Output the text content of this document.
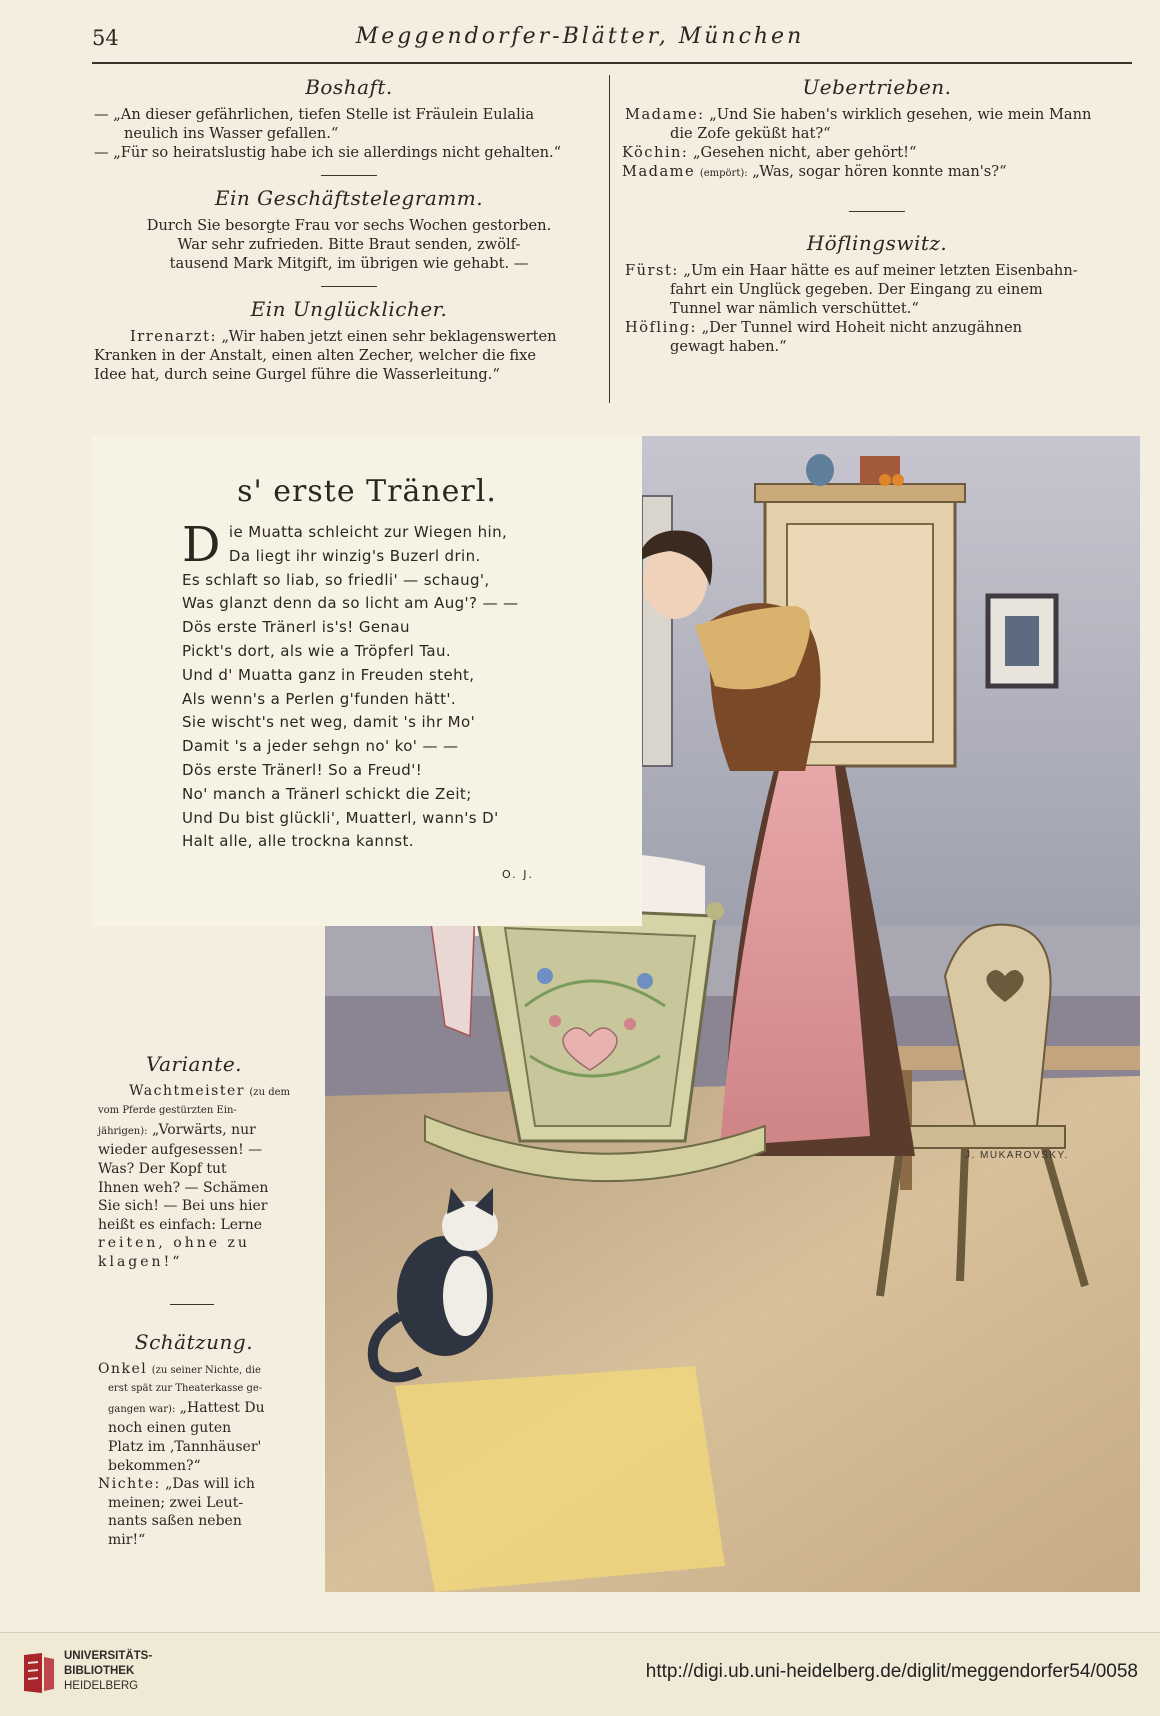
54	Meggendorfer-Blätter, München
Boshaft.

— „An dieser gefährlichen, tiefen Stelle ist Fräulein Eulalia
neulich ins Wasser gefallen.“

— „Für so heiratslustig habe ich sie allerdings nicht gehalten.“

Ein Geschäftstelegramm.

Durch Sie besorgte Frau vor sechs Wochen gestorben.

War sehr zufrieden. Bitte Braut senden, zwölf-

tausend Mark Mitgift, im übrigen wie gehabt. —

Ein Unglücklicher.

Irrenarzt: „Wir haben jetzt einen sehr beklagenswerten

Kranken in der Anstalt, einen alten Zecher, welcher die fixe

Idee hat, durch seine Gurgel führe die Wasserleitung.“

Uebertrieben.

Madame: „Und Sie haben's wirklich gesehen, wie mein Mann
die Zofe geküßt hat?“

Köchin: „Gesehen nicht, aber gehört!“

Madame (empört): „Was, sogar hören konnte man's?“

Höflingswitz.

Fürst: „Um ein Haar hätte es auf meiner letzten Eisenbahn-
fahrt ein Unglück gegeben. Der Eingang zu einem
Tunnel war nämlich verschüttet.“

Höfling: „Der Tunnel wird Hoheit nicht anzugähnen
gewagt haben.“

J. MUKAROVSKY.
s' erste Tränerl.
Die Muatta schleicht zur Wiegen hin,
Da liegt ihr winzig's Buzerl drin.
Es schlaft so liab, so friedli' — schaug',
Was glanzt denn da so licht am Aug'? — —
Dös erste Tränerl is's! Genau
Pickt's dort, als wie a Tröpferl Tau.
Und d' Muatta ganz in Freuden steht,
Als wenn's a Perlen g'funden hätt'.
Sie wischt's net weg, damit 's ihr Mo'
Damit 's a jeder sehgn no' ko' — —
Dös erste Tränerl! So a Freud'!
No' manch a Tränerl schickt die Zeit;
Und Du bist glückli', Muatterl, wann's D'
Halt alle, alle trockna kannst.
O. J.
Variante.

Wachtmeister (zu dem

vom Pferde gestürzten Ein-

jährigen): „Vorwärts, nur

wieder aufgesessen! —

Was? Der Kopf tut

Ihnen weh? — Schämen

Sie sich! — Bei uns hier

heißt es einfach: Lerne

reiten, ohne zu

klagen!“

Schätzung.

Onkel (zu seiner Nichte, die

erst spät zur Theaterkasse ge-

gangen war): „Hattest Du

noch einen guten

Platz im ‚Tannhäuser'

bekommen?“

Nichte: „Das will ich

meinen; zwei Leut-

nants saßen neben

mir!“

UNIVERSITÄTS-
BIBLIOTHEK
HEIDELBERG
http://digi.ub.uni-heidelberg.de/diglit/meggendorfer54/0058
